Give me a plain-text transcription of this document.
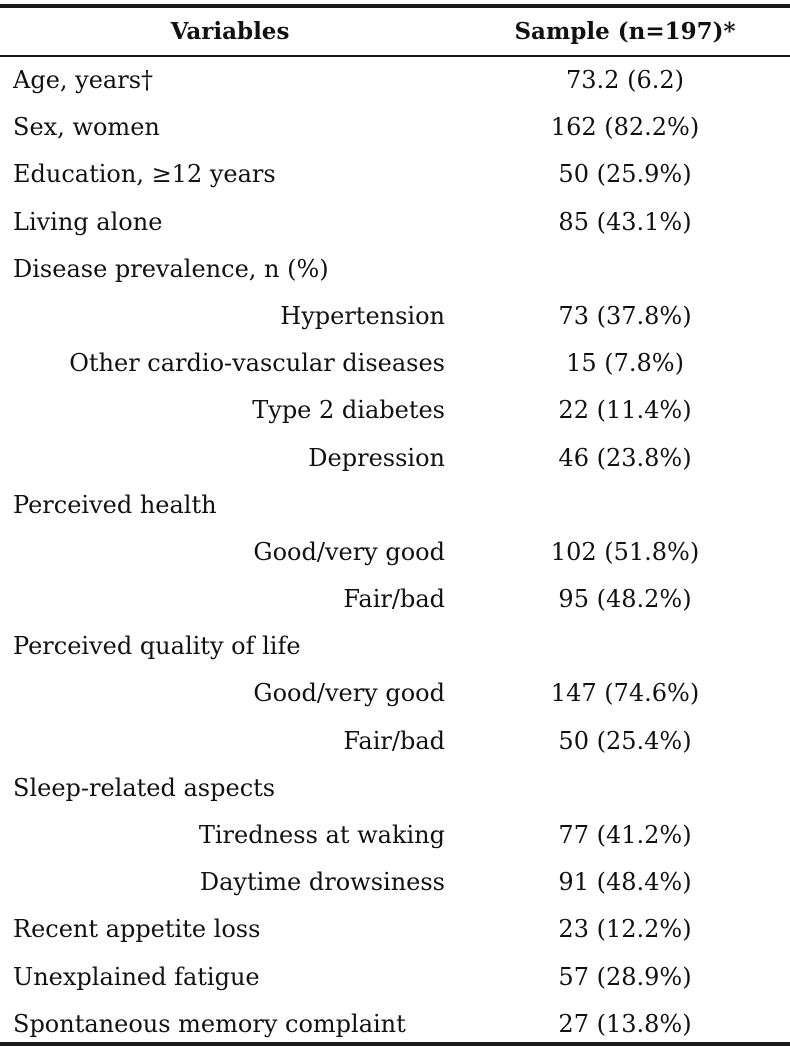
Variables	Sample (n=197)*
Age, years†	73.2 (6.2)
Sex, women	162 (82.2%)
Education, ≥12 years	50 (25.9%)
Living alone	85 (43.1%)
Disease prevalence, n (%)
Hypertension	73 (37.8%)
Other cardio-vascular diseases	15 (7.8%)
Type 2 diabetes	22 (11.4%)
Depression	46 (23.8%)
Perceived health
Good/very good	102 (51.8%)
Fair/bad	95 (48.2%)
Perceived quality of life
Good/very good	147 (74.6%)
Fair/bad	50 (25.4%)
Sleep-related aspects
Tiredness at waking	77 (41.2%)
Daytime drowsiness	91 (48.4%)
Recent appetite loss	23 (12.2%)
Unexplained fatigue	57 (28.9%)
Spontaneous memory complaint	27 (13.8%)
